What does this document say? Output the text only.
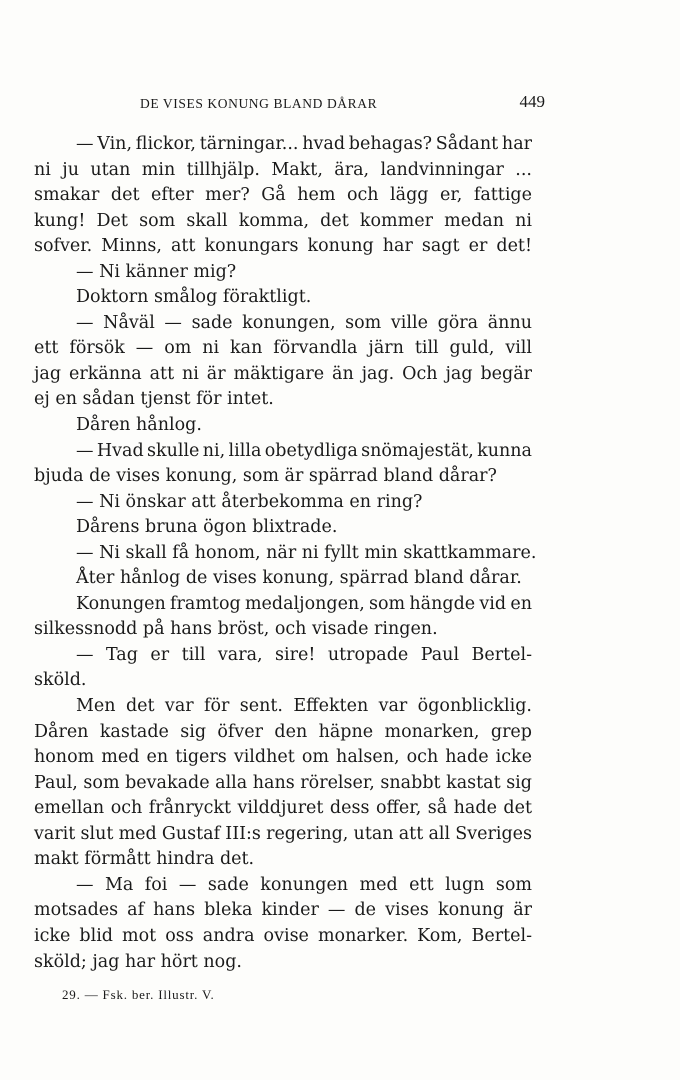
DE VISES KONUNG BLAND DÅRAR	449
— Vin, flickor, tärningar... hvad behagas? Sådant har
ni ju utan min tillhjälp. Makt, ära, landvinningar ...
smakar det efter mer? Gå hem och lägg er, fattige
kung! Det som skall komma, det kommer medan ni
sofver. Minns, att konungars konung har sagt er det!
— Ni känner mig?
Doktorn smålog föraktligt.
— Nåväl — sade konungen, som ville göra ännu
ett försök — om ni kan förvandla järn till guld, vill
jag erkänna att ni är mäktigare än jag. Och jag begär
ej en sådan tjenst för intet.
Dåren hånlog.
— Hvad skulle ni, lilla obetydliga snömajestät, kunna
bjuda de vises konung, som är spärrad bland dårar?
— Ni önskar att återbekomma en ring?
Dårens bruna ögon blixtrade.
— Ni skall få honom, när ni fyllt min skattkammare.
Åter hånlog de vises konung, spärrad bland dårar.
Konungen framtog medaljongen, som hängde vid en
silkessnodd på hans bröst, och visade ringen.
— Tag er till vara, sire! utropade Paul Bertel-
sköld.
Men det var för sent. Effekten var ögonblicklig.
Dåren kastade sig öfver den häpne monarken, grep
honom med en tigers vildhet om halsen, och hade icke
Paul, som bevakade alla hans rörelser, snabbt kastat sig
emellan och frånryckt vilddjuret dess offer, så hade det
varit slut med Gustaf III:s regering, utan att all Sveriges
makt förmått hindra det.
— Ma foi — sade konungen med ett lugn som
motsades af hans bleka kinder — de vises konung är
icke blid mot oss andra ovise monarker. Kom, Bertel-
sköld; jag har hört nog.
29. — Fsk. ber. Illustr. V.
